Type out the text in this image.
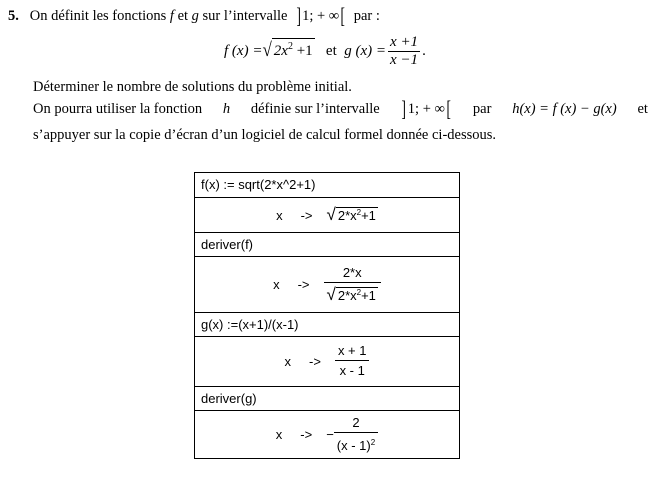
5. On définit les fonctions f et g sur l’intervalle ]1; + ∞[ par :
f (x) =√ $2x^2 +1$ et g $(x) = \frac{x +1}{x -1}$ .
Déterminer le nombre de solutions du problème initial.
On pourra utiliser la fonction h définie sur l’intervalle ]1; + ∞[ par h(x) = f (x) − g(x) et
s’appuyer sur la copie d’écran d’un logiciel de calcul formel donnée ci-dessous.
f(x) := sqrt(2*x^2+1)
x -> √ $2*x^2+1$
deriver(f)
$x -> \frac{2*x}{√ 2*x^2+1}$
g(x) :=(x+1)/(x-1)
$x -> \frac{x + 1}{x - 1}$
deriver(g)
x -> − $\frac{2}{(x - 1)^2}$
